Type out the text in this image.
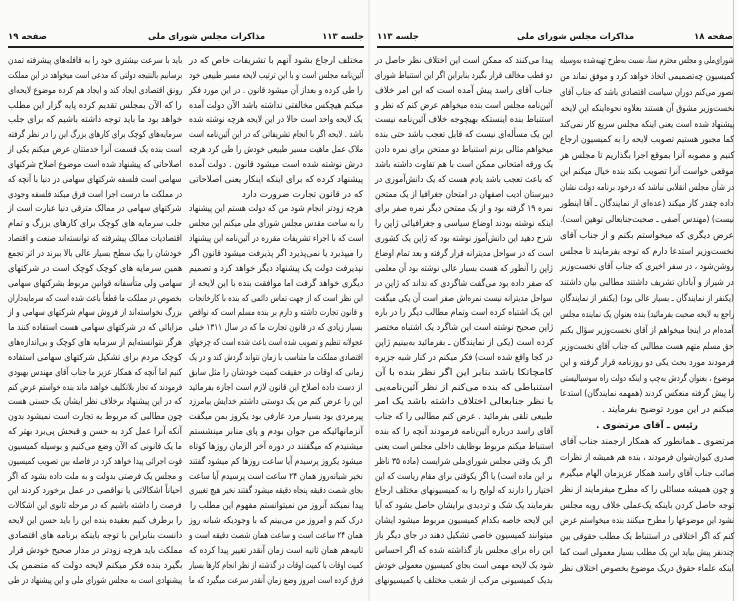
صفحه ۱۹	مذاکرات مجلس شورای ملی	جلسه ۱۱۳
باید با سرعت بیشتری خود را به قافله‌های پیشرفته تمدن
برسانیم بالنتیجه دولتی که مدعی است میخواهد در این مملکت
رونق اقتصادی ایجاد کند و ایجاد هم کرده موضوع لایحه‌ای
را که الآن بمجلس تقدیم کرده پایه گزار این مطلب
خواهد بود ما باید توجه داشته باشیم که برای جلب
سرمایه‌های کوچک برای کارهای بزرگ این را در نظر گرفته
است بنده یک قسمت آنرا خدمتتان عرض میکنم یکی از
اصلاحاتی که پیشنهاد شده است موضوع اصلاح شرکتهای
سهامی است فلسفه شرکتهای سهامی در دنیا با آنچه که
در مملکت ما درست اجرا است فرق میکند فلسفه وجودی
شرکتهای سهامی در ممالک مترقی دنیا عبارت است از
جلب سرمایه های کوچک برای کارهای بزرگ و تمام
اقتصادیات ممالک پیشرفته که توانسته‌اند صنعت و اقتصاد
خودشان را بیک سطح بسیار عالی بالا ببرند در اثر تجمع
همین سرمایه های کوچک کوچک است در شرکتهای
سهامی ولی متأسفانه قوانین مربوط بشرکتهای سهامی
بخصوص در مملکت ما قطعاً باعث شده است که سرمایه‌داران
بزرگ نخواسته‌اند از فروش سهام شرکتهای سهامی و از
مزایائی که در شرکتهای سهامی هست استفاده کنند ما
هرگز نتوانسته‌ایم از سرمایه های کوچک و بی‌اندازه‌های
کوچک مردم برای تشکیل شرکتهای سهامی استفاده
کنیم اما آنچه که همکار عزیز ما جناب آقای مهندس بهبودی
فرمودند که تجار بلاتکلیف خواهند ماند بنده خواستم عرض کنم
که در این پیشنهاد برخلاف نظر ایشان یک حسنی هست
چون مطالبی که مربوط به تجارت است نمیشود بدون
آنکه آنرا عمل کرد به حسن و قبحش پی‌برد بهتر که
ما یک قانونی که الآن وضع می‌کنیم و بوسیله کمیسیون
قوت اجرائی پیدا خواهد کرد در فاصله بین تصویب کمیسیون
و مجلس یک فرصتی بدولت و به ملت داده بشود که اگر
احیاناً اشکالاتی یا نواقصی در عمل برخورد کردند این
فرصت را داشته باشیم که در مرحله ثانوی این اشکالات
را برطرف کنیم بعقیده بنده این را باید حسن این لایحه
دانست بنابراین با توجه باینکه برنامه های اقتصادی
مملکت باید هرچه زودتر در مدار صحیح خودش قرار
بگیرد بنده فکر میکنم لایحه دولت که متضمن یک
پیشنهادی است به مجلس شورای ملی و این پیشنهاد در طی
مختلف ارجاع بشود آنهم با تشریفات خاص که در
آئین‌نامه مجلس است و با این ترتیب لایحه مسیر طبیعی خود
را طی کرده و بعداز آن میشود قانون . در این مورد فکر
میکنم هیچکس مخالفتی نداشته باشد الآن دولت آمده
یک لایحه واحد است حالا در این لایحه هرچه نوشته شده
باشد . لایحه اگر با انجام تشریفاتی که در این آئین‌نامه است
ملاک عمل ماهیت مسیر طبیعی خودش را طی کرد هرچه
درش نوشته شده است میشود قانون . دولت آمده
پیشنهاد کرده که برای اینکه اینکار یعنی اصلاحاتی
که در قانون تجارت ضرورت دارد
هرچه زودتر انجام شود من که دولت هستم این پیشنهاد
را به ساحت مقدس مجلس شورای ملی میکنم این مجلس
است که با اجراء تشریفات مقرره در آئین‌نامه این پیشنهاد
را میپذیرد یا نمی‌پذیرد اگر پذیرفت میشود قانون اگر
نپذیرفت دولت یک پیشنهاد دیگر خواهد کرد و تصمیم
دیگری خواهد گرفت اما موافقت بنده با این لایحه از
این نظر است که از جهت تماس دائمی که بنده با کارخانجات
و قانون تجارت داشته و دارم بر بنده مسلم است که نواقص
بسیار زیادی که در قانون تجارت ما که در سال ۱۳۱۱ خیلی
عجولانه تنظیم و تصویب شده است باعث شده است که چرخهای
اقتصادی مملکت ما متناسب با زمان نتواند گردش کند و در یک
زمانی که اوقات در حقیقت کمیت خودشان را مثل سابق
از دست داده اصلاح این قانون لازم است اجازه بفرمائید
این را عرض کنم من یک دوستی داشتم خدایش بیامرزد
پیرمردی بود بسیار مرد عارفی بود یکروز بمن میگفت
آنزمانهائیکه من جوان بودم و پای منابر مینشستم
میشنیدم که میگفتند در دوره آخر الزمان روزها کوتاه
میشود یکروز پرسیدم آیا ساعت روزها کم میشود گفتند
نخیر شبانه‌روز همان ۲۴ ساعت است پرسیدم آیا ساعت
بجای شصت دقیقه پنجاه دقیقه میشود گفتند نخیر هیچ تغییری
پیدا نمیکند آنروز من نمیتوانستم مفهوم این مطلب را
درک کنم و امروز من می‌بینم که با وجودیکه شبانه روز
همان ۲۴ ساعت است و ساعت همان شصت دقیقه است و
ثانیه‌هم همان ثانیه است زمان آنقدر تغییر پیدا کرده که
کمیت اوقات با کمیت اوقات در گذشته از نظر انجام کارها بسیار
فرق کرده است امروز وضع زمان آنقدر سرعت میگیرد که ما
جلسه ۱۱۳	مذاکرات مجلس شورای ملی	صفحه ۱۸
پیدا می‌کنند که ممکن است این اختلاف نظر حاصل در
دو قطب مخالف قرار بگیرد بنابراین اگر این استنباط شورای
جناب آقای راسد پیش آمده است که این امر خلاف
آئین‌نامه مجلس است بنده میخواهم عرض کنم که نظر و
استنباط بنده اینستکه بهیچوجه خلاف آئین‌نامه نیست
این یک مسأله‌ای نیست که قابل تعجب باشد حتی بنده
میخواهم مثالی بزنم استنباط دو ممتحن برای نمره دادن
یک ورقه امتحانی ممکن است با هم تفاوت داشته باشد
که باعث تعجب باشد یادم هست که یک دانش‌آموزی در
دبیرستان ادیب اصفهان در امتحان جغرافیا از یک ممتحن
نمره ۱۹ گرفته بود و از یک ممتحن دیگر نمره صفر برای
اینکه نوشته بودند اوضاع سیاسی و جغرافیائی ژاپن را
شرح دهید این دانش‌آموز نوشته بود که ژاپن یک کشوری
است که در سواحل مدیترانه قرار گرفته و بعد تمام اوضاع
ژاپن را آنطور که هست بسیار عالی نوشته بود آن معلمی
که صفر داده بود می‌گفت شاگردی که نداند که ژاپن در
سواحل مدیترانه نیست نمره‌اش صفر است آن یکی میگفت
این یک اشتباه کرده است وتمام مطالب دیگر را در باره
ژاپن صحیح نوشته است این شاگرد یک اشتباه مختصر
کرده است (یکی از نمایندگان ـ بفرمائید به‌بینیم ژاپن
در کجا واقع شده است) فکر میکنم در کنار شبه جزیره
کامچاتکا باشد بنابر این اگر نظر بنده با آن
استنباطی که بنده می‌کنم از نظر آئین‌نامه‌یی
با نظر جنابعالی اختلاف داشته باشد یک امر
طبیعی تلقی بفرمائید . عرض کنم مطالبی را که جناب
آقای راسد درباره آئین‌نامه فرمودند آنچه را که بنده
استنباط میکنم مربوط بوظایف داخلی مجلس است یعنی
اگر یک وقتی مجلس شورای‌ملی شرایست (ماده ۳۵ ناظر
بر این ماده است) یا اگر یکوقتی برای مقام ریاست که این
اختیار را دارند که لوایح را به کمیسیونهای مختلف ارجاع
بفرمایند یک شک و تردیدی برایشان حاصل بشود که آیا
این لایحه خاصه بکدام کمیسیون مربوط میشود ایشان
میتوانند کمیسیون خاصی تشکیل دهند در جای دیگر باز
این راه برای مجلس باز گذاشته شده که اگر احساس
شود یک لایحه مهمی است بجای کمیسیون معمولی خودش
بدیک کمیسیونی مرکب از شعب مختلف یا کمیسیونهای
شورای‌ملی و مجلس محترم سنا، نسبت به‌طرح تهیه‌شده به‌وسیله
کمیسیون چه‌تصمیمی اتخاذ خواهد کرد و موفق نماند من
تصور می‌کنم دوران سیاست اقتصادی باشد که جناب آقای
نخست‌وزیر مشوق آن هستند بعلاوه نحوه‌اینکه این لایحه
پیشنهاد شده است یعنی اینکه مجلس سریع کار نمی‌کند
کما مجبور هستیم تصویب لایحه را به کمیسیون ارجاع
کنیم و مصوبه آنرا بموقع اجرا بگذاریم تا مجلس هر
موقعی خواست آنرا تصویب بکند بنده خیال میکنم این
در شأن مجلس انقلابی نباشد که درخود برنامه دولت نشان
داده چقدر کار میکند (عده‌ای از نمایندگان ـ آقا اینطور
نیست) (مهندس آصفی ـ صحبت‌جنابعالی توهین است).
عرض دیگری که میخواستم بکنم و از جناب آقای
نخست‌وزیر استدعا دارم که توجه بفرمایند تا مجلس
روشن‌شود ، در سفر اخیری که جناب آقای نخست‌وزیر
در شیراز و آبادان تشریف داشتند مطالبی بیان داشتند
(یکنفر از نمایندگان ـ بسیار عالی بود) (یکنفر از نمایندگان
راجع به لایحه صحبت بفرمائید) بنده بعنوان یک نماینده مجلس
آمده‌ام در اینجا میخواهم از آقای نخست‌وزیر سؤال بکنم
حق مسلم متهم هست مطالبی که جناب آقای نخست‌وزیر
فرمودند مورد بحث یکی دو روزنامه قرار گرفته و این
موضوع ، بعنوان گردش به‌چپ و اینکه دولت راه سوسیالیستی
را پیش گرفته منعکس کردند (همهمه نمایندگان) استدعا
میکنم در این مورد توضیح بفرمایند .
رئیس ـ آقای مرتضوی .
مرتضوی ـ همانطور که همکار ارجمند جناب آقای
صدری کیوان‌شوان فرمودند ، بنده هم همیشه از نظرات
صائب جناب آقای راسد همکار عزیزمان الهام میگیرم
و چون همیشه مسائلی را که مطرح میفرمایند از نظر
توجه حاصل کردن باینکه یک‌عملی خلاف رویه مجلس
نشود این موضوعها را مطرح میکنند بنده میخواستم عرض
کنم که اگر اختلافی در استنباط یک مطلب حقوقی بین
چندنفر پیش بیاید این یک مطلب بسیار معمولی است کما
اینکه علماء حقوق دریک موضوع بخصوص اختلاف نظر
